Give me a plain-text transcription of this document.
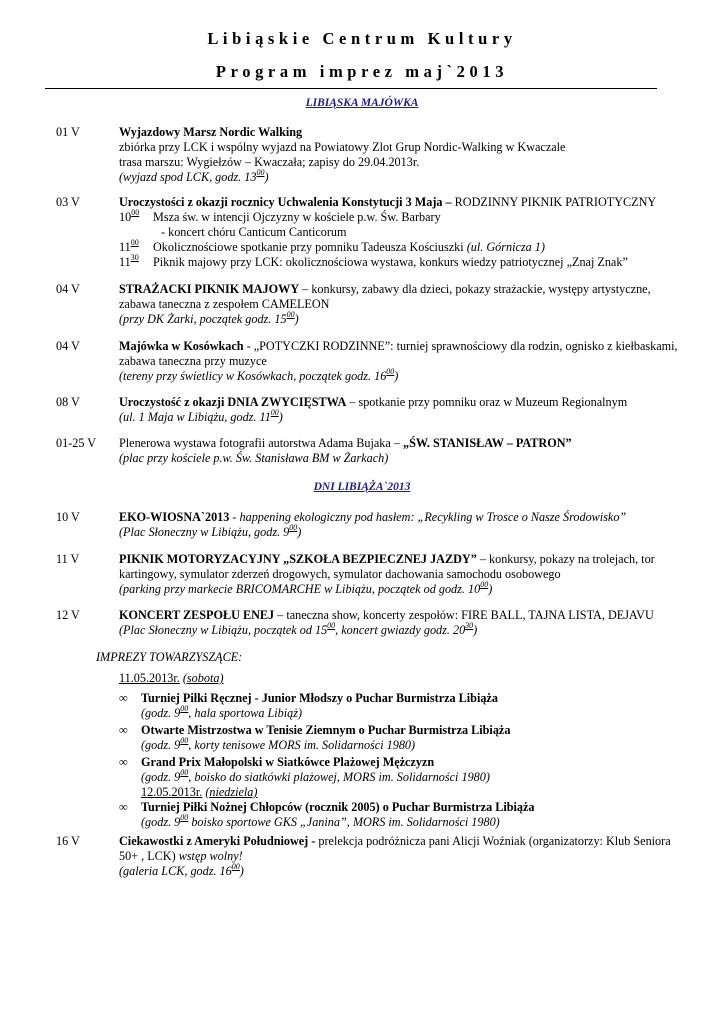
Libiąskie Centrum Kultury
Program imprez maj`2013
LIBIĄSKA MAJÓWKA
01 V	Wyjazdowy Marsz Nordic Walking
zbiórka przy LCK i wspólny wyjazd na Powiatowy Zlot Grup Nordic-Walking w Kwaczale
trasa marszu: Wygiełzów – Kwaczała; zapisy do 29.04.2013r.
(wyjazd spod LCK, godz. $13^{00}$)
03 V	Uroczystości z okazji rocznicy Uchwalenia Konstytucji 3 Maja – RODZINNY PIKNIK PATRIOTYCZNY
$10^{00}$ Msza św. w intencji Ojczyzny w kościele p.w. Św. Barbary
- koncert chóru Canticum Canticorum
$11^{00}$ Okolicznościowe spotkanie przy pomniku Tadeusza Kościuszki (ul. Górnicza 1)
$11^{30}$ Piknik majowy przy LCK: okolicznościowa wystawa, konkurs wiedzy patriotycznej „Znaj Znak”
04 V	STRAŻACKI PIKNIK MAJOWY – konkursy, zabawy dla dzieci, pokazy strażackie, występy artystyczne,
zabawa taneczna z zespołem CAMELEON
(przy DK Żarki, początek godz. $15^{00}$)
04 V	Majówka w Kosówkach - „POTYCZKI RODZINNE”: turniej sprawnościowy dla rodzin, ognisko z kiełbaskami,
zabawa taneczna przy muzyce
(tereny przy świetlicy w Kosówkach, początek godz. $16^{00}$)
08 V	Uroczystość z okazji DNIA ZWYCIĘSTWA – spotkanie przy pomniku oraz w Muzeum Regionalnym
(ul. 1 Maja w Libiążu, godz. $11^{00}$)
01-25 V Plenerowa wystawa fotografii autorstwa Adama Bujaka – „ŚW. STANISŁAW – PATRON”
(plac przy kościele p.w. Św. Stanisława BM w Żarkach)
DNI LIBIĄŻA`2013
10 V	EKO-WIOSNA`2013 - happening ekologiczny pod hasłem: „Recykling w Trosce o Nasze Środowisko”
(Plac Słoneczny w Libiążu, godz. $9^{00}$)
11 V	PIKNIK MOTORYZACYJNY „SZKOŁA BEZPIECZNEJ JAZDY” – konkursy, pokazy na trolejach, tor
kartingowy, symulator zderzeń drogowych, symulator dachowania samochodu osobowego
(parking przy markecie BRICOMARCHE w Libiążu, początek od godz. $10^{00}$)
12 V	KONCERT ZESPOŁU ENEJ – taneczna show, koncerty zespołów: FIRE BALL, TAJNA LISTA, DEJAVU
(Plac Słoneczny w Libiążu, początek od $15^{00}$, koncert gwiazdy godz. $20^{30}$)
IMPREZY TOWARZYSZĄCE:
11.05.2013r. (sobota)
∞ Turniej Piłki Ręcznej - Junior Młodszy o Puchar Burmistrza Libiąża
(godz. $9^{00}$, hala sportowa Libiąż)
∞ Otwarte Mistrzostwa w Tenisie Ziemnym o Puchar Burmistrza Libiąża
(godz. $9^{00}$, korty tenisowe MORS im. Solidarności 1980)
∞ Grand Prix Małopolski w Siatkówce Plażowej Mężczyzn
(godz. $9^{00}$, boisko do siatkówki plażowej, MORS im. Solidarności 1980)
12.05.2013r. (niedziela)
∞ Turniej Piłki Nożnej Chłopców (rocznik 2005) o Puchar Burmistrza Libiąża
(godz. $9^{00}$ boisko sportowe GKS „Janina”, MORS im. Solidarności 1980)
16 V	Ciekawostki z Ameryki Południowej - prelekcja podróżnicza pani Alicji Woźniak (organizatorzy: Klub Seniora
50+ , LCK) wstęp wolny!
(galeria LCK, godz. $16^{00}$)
